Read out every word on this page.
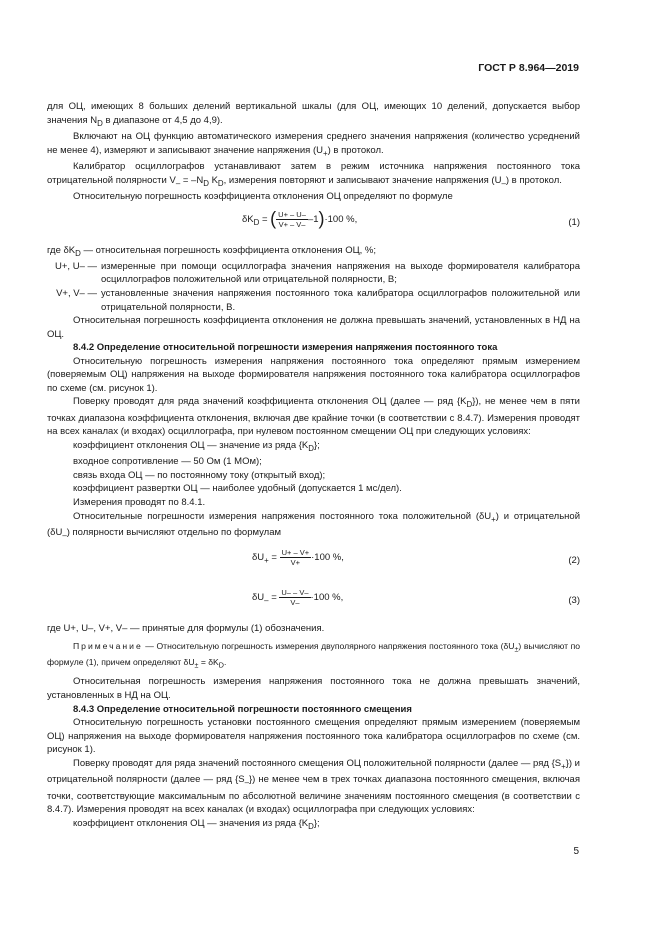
ГОСТ Р 8.964—2019

для ОЦ, имеющих 8 больших делений вертикальной шкалы (для ОЦ, имеющих 10 делений, допускается выбор значения $N_D$ в диапазоне от 4,5 до 4,9).

Включают на ОЦ функцию автоматического измерения среднего значения напряжения (количество усреднений не менее 4), измеряют и записывают значение напряжения $(U_+)$ в протокол.

Калибратор осциллографов устанавливают затем в режим источника напряжения постоянного тока отрицательной полярности $V_- = -N_D$ $K_D$, измерения повторяют и записывают значение напряжения $(U_-)$ в протокол.

Относительную погрешность коэффициента отклонения ОЦ определяют по формуле

$\delta K_D$ = ( $\frac{U+ - U-}{V+ - V-} -1)\cdot 100$ %,	(1)

где $\delta K_D$ — относительная погрешность коэффициента отклонения ОЦ, %;

U+, U– — измеренные при помощи осциллографа значения напряжения на выходе формирователя калибратора осциллографов положительной или отрицательной полярности, В;
V+, V– — установленные значения напряжения постоянного тока калибратора осциллографов положительной или отрицательной полярности, В.

Относительная погрешность коэффициента отклонения не должна превышать значений, установленных в НД на ОЦ.

8.4.2 Определение относительной погрешности измерения напряжения постоянного тока

Относительную погрешность измерения напряжения постоянного тока определяют прямым измерением (поверяемым ОЦ) напряжения на выходе формирователя напряжения постоянного тока калибратора осциллографов по схеме (см. рисунок 1).

Поверку проводят для ряда значений коэффициента отклонения ОЦ (далее — ряд $\{K_D\}$), не менее чем в пяти точках диапазона коэффициента отклонения, включая две крайние точки (в соответствии с 8.4.7). Измерения проводят на всех каналах (и входах) осциллографа, при нулевом постоянном смещении ОЦ при следующих условиях:

коэффициент отклонения ОЦ — значение из ряда $\{K_D\}$;

входное сопротивление — 50 Ом (1 МОм);

связь входа ОЦ — по постоянному току (открытый вход);

коэффициент развертки ОЦ — наиболее удобный (допускается 1 мс/дел).

Измерения проводят по 8.4.1.

Относительные погрешности измерения напряжения постоянного тока положительной $(\delta U_+)$ и отрицательной $(\delta U_-)$ полярности вычисляют отдельно по формулам

$\delta U_+ = \frac{U+ - V+}{V+} \cdot 100$ %,	(2)
$\delta U_- = \frac{U- - V-}{V-} \cdot 100$ %,	(3)

где U+, U–, V+, V– — принятые для формулы (1) обозначения.

Примечание — Относительную погрешность измерения двуполярного напряжения постоянного тока $(\delta U_\pm)$ вычисляют по формуле (1), причем определяют $\delta U_\pm = \delta K_D$.

Относительная погрешность измерения напряжения постоянного тока не должна превышать значений, установленных в НД на ОЦ.

8.4.3 Определение относительной погрешности постоянного смещения

Относительную погрешность установки постоянного смещения определяют прямым измерением (поверяемым ОЦ) напряжения на выходе формирователя напряжения постоянного тока калибратора осциллографов по схеме (см. рисунок 1).

Поверку проводят для ряда значений постоянного смещения ОЦ положительной полярности (далее — ряд $\{S_+\}$) и отрицательной полярности (далее — ряд $\{S_-\}$) не менее чем в трех точках диапазона постоянного смещения, включая точки, соответствующие максимальным по абсолютной величине значениям постоянного смещения (в соответствии с 8.4.7). Измерения проводят на всех каналах (и входах) осциллографа при следующих условиях:

коэффициент отклонения ОЦ — значения из ряда $\{K_D\}$;

5
